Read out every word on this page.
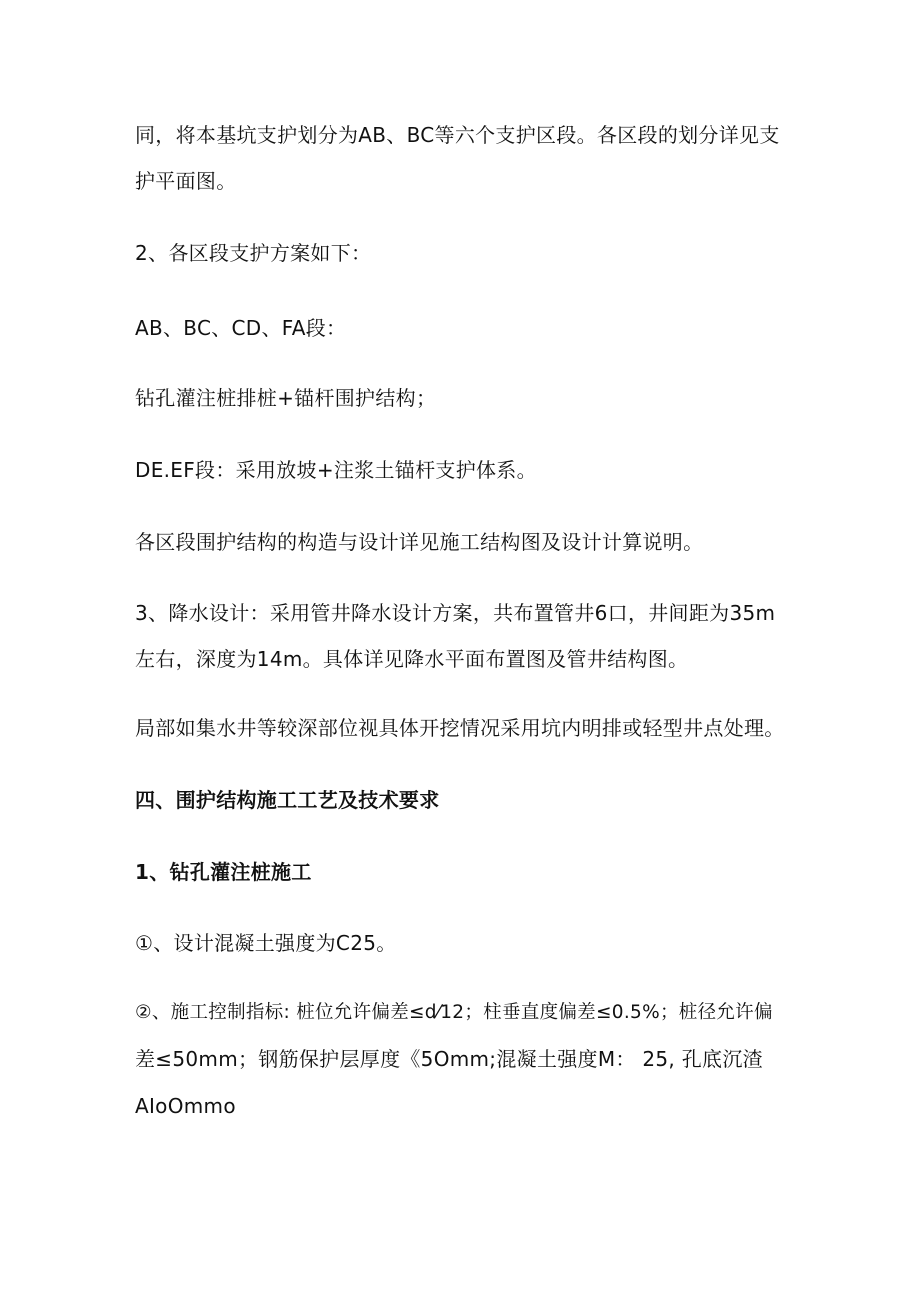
同，将本基坑支护划分为AB、BC等六个支护区段。各区段的划分详见支
护平面图。
2、各区段支护方案如下：
AB、BC、CD、FA段：
钻孔灌注桩排桩+锚杆围护结构；
DE.EF段：采用放坡+注浆土锚杆支护体系。
各区段围护结构的构造与设计详见施工结构图及设计计算说明。
3、降水设计：采用管井降水设计方案，共布置管井6口，井间距为35m
左右，深度为14m。具体详见降水平面布置图及管井结构图。
局部如集水井等较深部位视具体开挖情况采用坑内明排或轻型井点处理。
四、围护结构施工工艺及技术要求
1、钻孔灌注桩施工
①、设计混凝土强度为C25。
②、施工控制指标: 桩位允许偏差≤d⁄12；柱垂直度偏差≤0.5%；桩径允许偏
差≤50mm；钢筋保护层厚度《5Omm;混凝土强度M： 25, 孔底沉渣
AIoOmmo
